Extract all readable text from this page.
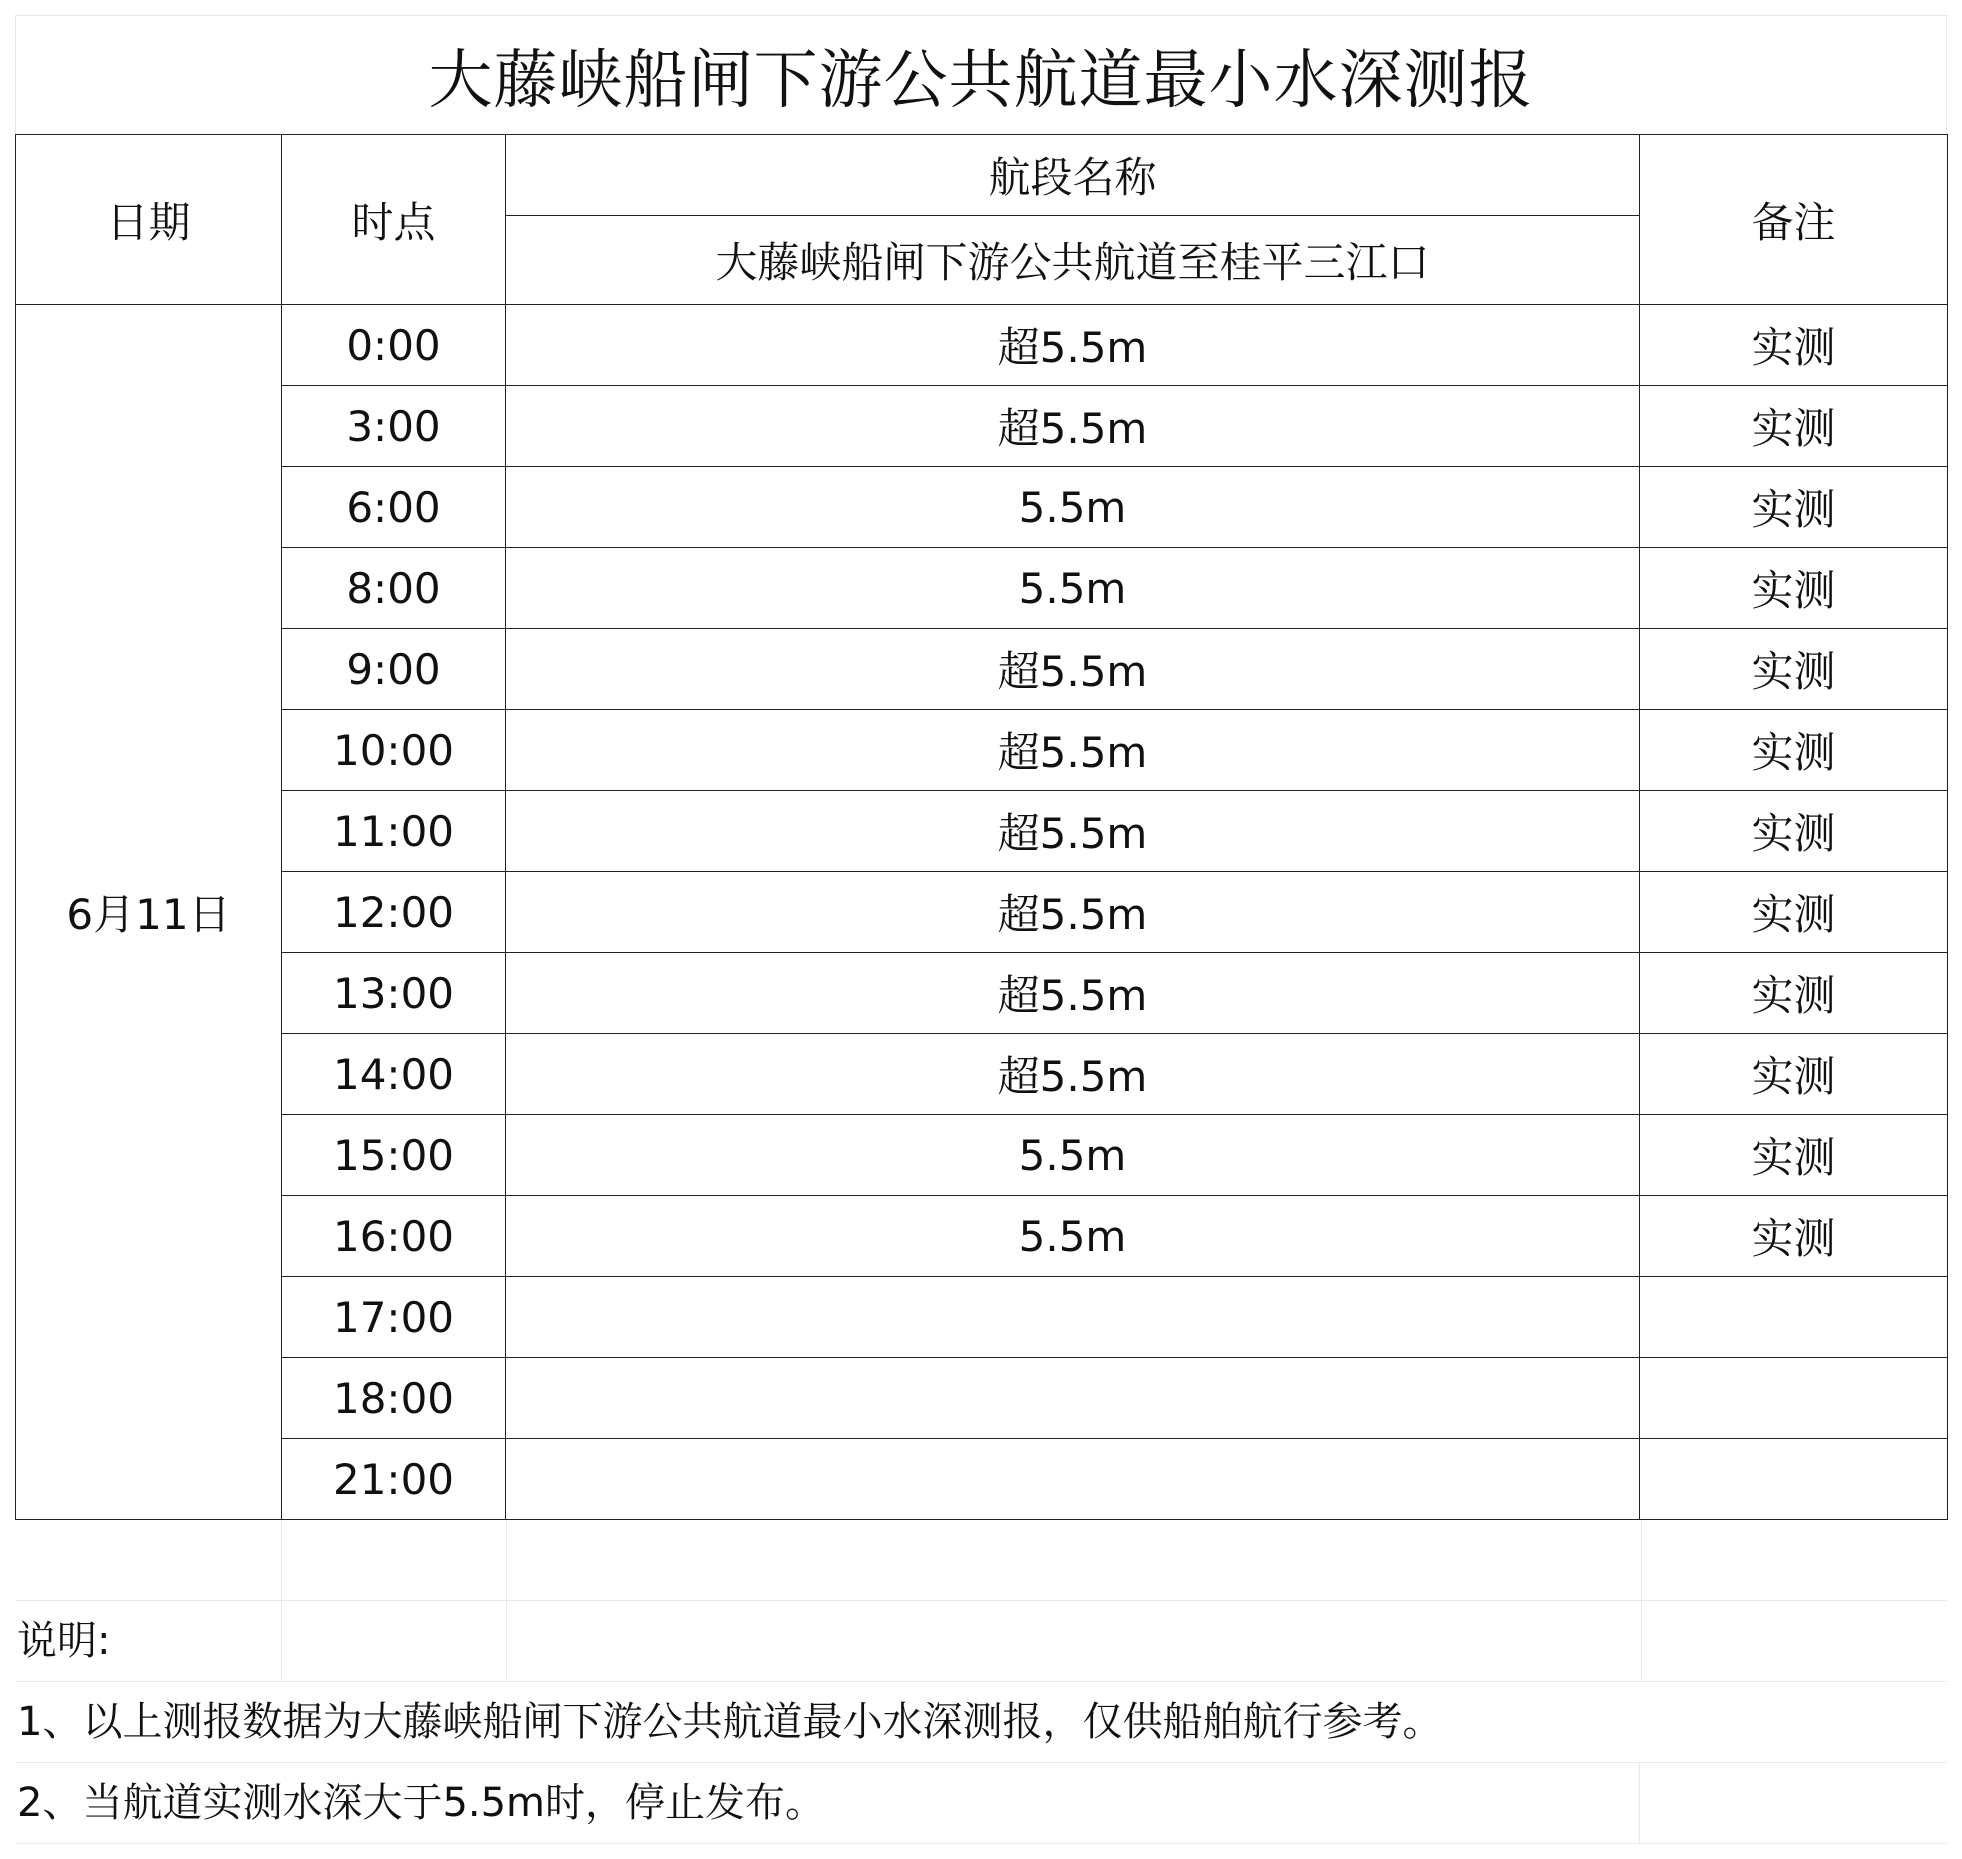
大藤峡船闸下游公共航道最小水深测报
日期	时点	航段名称	备注
		大藤峡船闸下游公共航道至桂平三江口	
6月11日	0:00	超5.5m	实测
	3:00	超5.5m	实测
	6:00	5.5m	实测
	8:00	5.5m	实测
	9:00	超5.5m	实测
	10:00	超5.5m	实测
	11:00	超5.5m	实测
	12:00	超5.5m	实测
	13:00	超5.5m	实测
	14:00	超5.5m	实测
	15:00	5.5m	实测
	16:00	5.5m	实测
	17:00		
	18:00		
	21:00		
说明:
1、以上测报数据为大藤峡船闸下游公共航道最小水深测报，仅供船舶航行参考。
2、当航道实测水深大于5.5m时，停止发布。
